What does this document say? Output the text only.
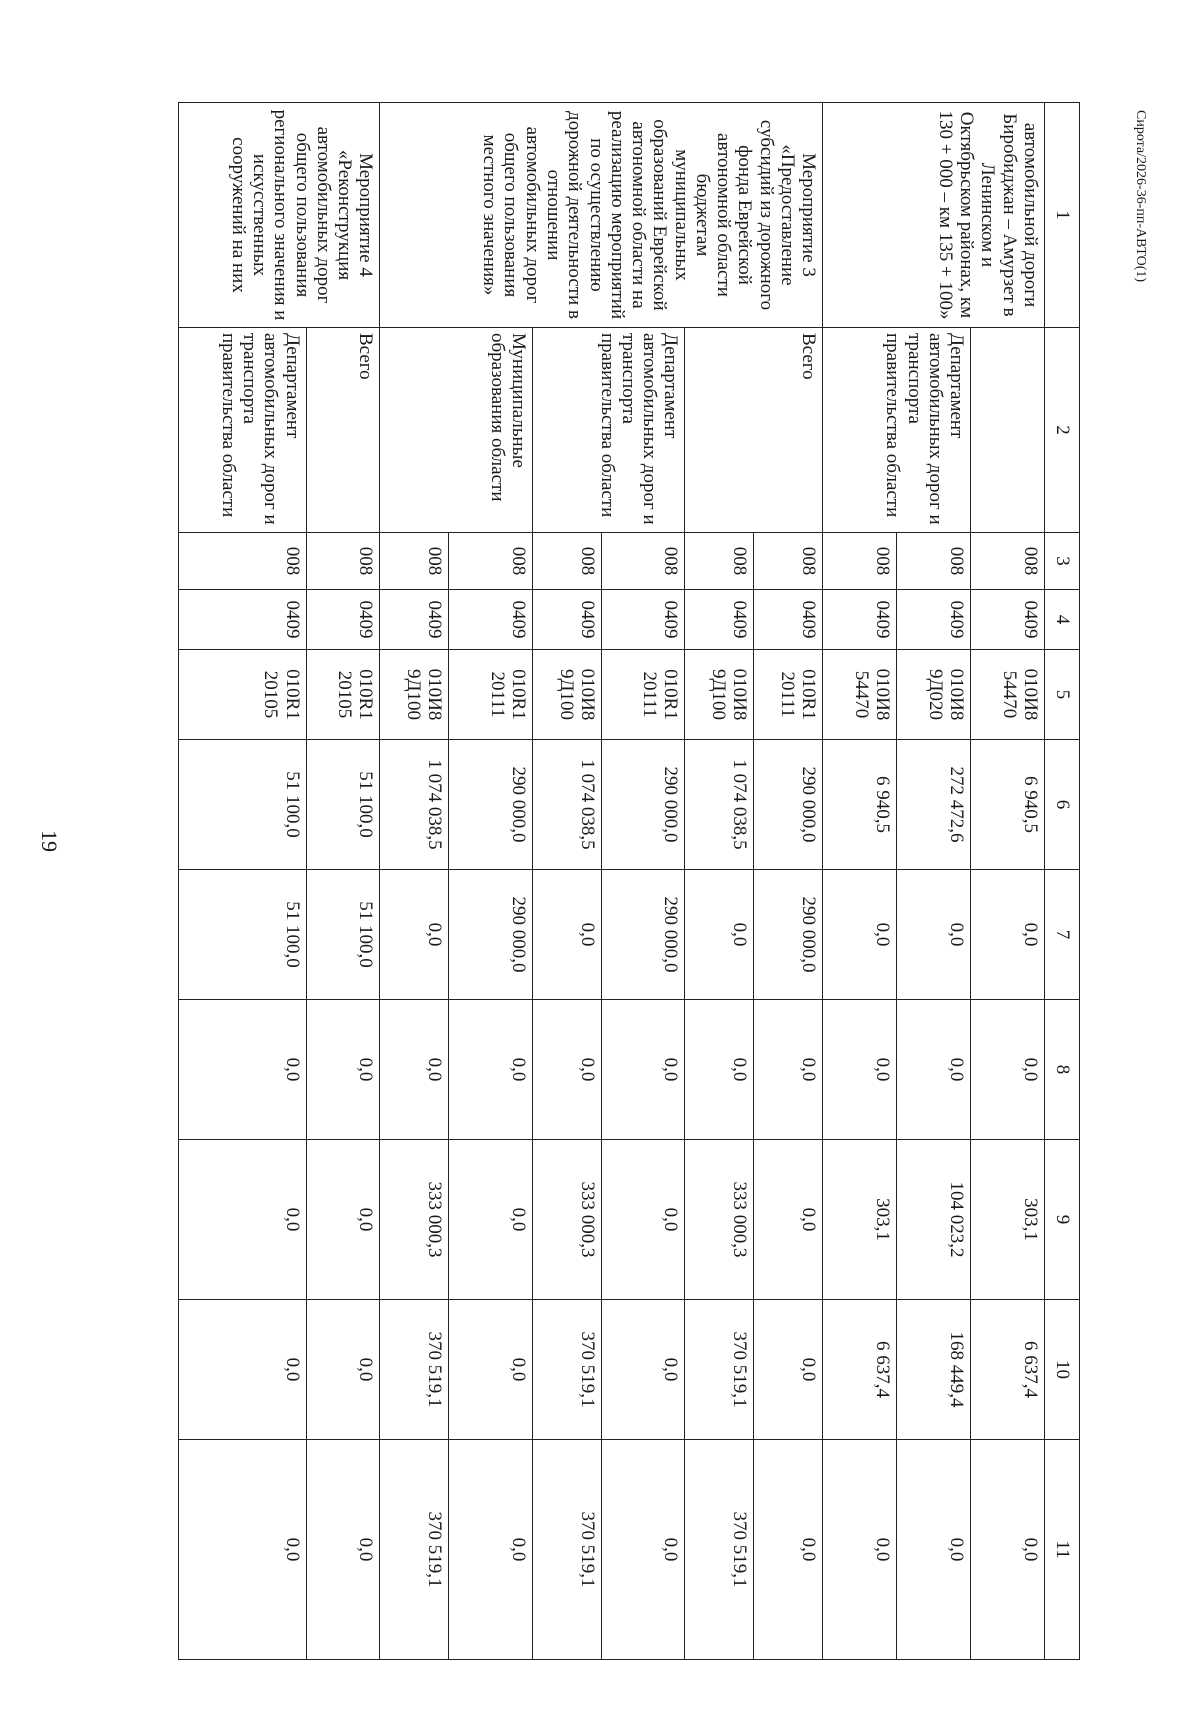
19
Сирота/2026-36-пп-АВТО(1)
1	2	3	4	5	6	7	8	9	10	11
автомобильной дороги Биробиджан – Амурзет в Ленинском и Октябрьском районах, км 130 + 000 – км 135 + 100»		008	0409	010И8 54470	6 940,5	0,0	0,0	303,1	6 637,4	0,0
	Департамент автомобильных дорог и транспорта правительства области	008	0409	010И8 9Д020	272 472,6	0,0	0,0	104 023,2	168 449,4	0,0
		008	0409	010И8 54470	6 940,5	0,0	0,0	303,1	6 637,4	0,0
Мероприятие 3 «Предоставление субсидий из дорожного фонда Еврейской автономной области бюджетам муниципальных образований Еврейской автономной области на реализацию мероприятий по осуществлению дорожной деятельности в отношении автомобильных дорог общего пользования местного значения»	Всего	008	0409	010R1 20111	290 000,0	290 000,0	0,0	0,0	0,0	0,0
		008	0409	010И8 9Д100	1 074 038,5	0,0	0,0	333 000,3	370 519,1	370 519,1
	Департамент автомобильных дорог и транспорта правительства области	008	0409	010R1 20111	290 000,0	290 000,0	0,0	0,0	0,0	0,0
		008	0409	010И8 9Д100	1 074 038,5	0,0	0,0	333 000,3	370 519,1	370 519,1
	Муниципальные образования области	008	0409	010R1 20111	290 000,0	290 000,0	0,0	0,0	0,0	0,0
		008	0409	010И8 9Д100	1 074 038,5	0,0	0,0	333 000,3	370 519,1	370 519,1
Мероприятие 4 «Реконструкция автомобильных дорог общего пользования регионального значения и искусственных сооружений на них	Всего	008	0409	010R1 20105	51 100,0	51 100,0	0,0	0,0	0,0	0,0
	Департамент автомобильных дорог и транспорта правительства области	008	0409	010R1 20105	51 100,0	51 100,0	0,0	0,0	0,0	0,0
